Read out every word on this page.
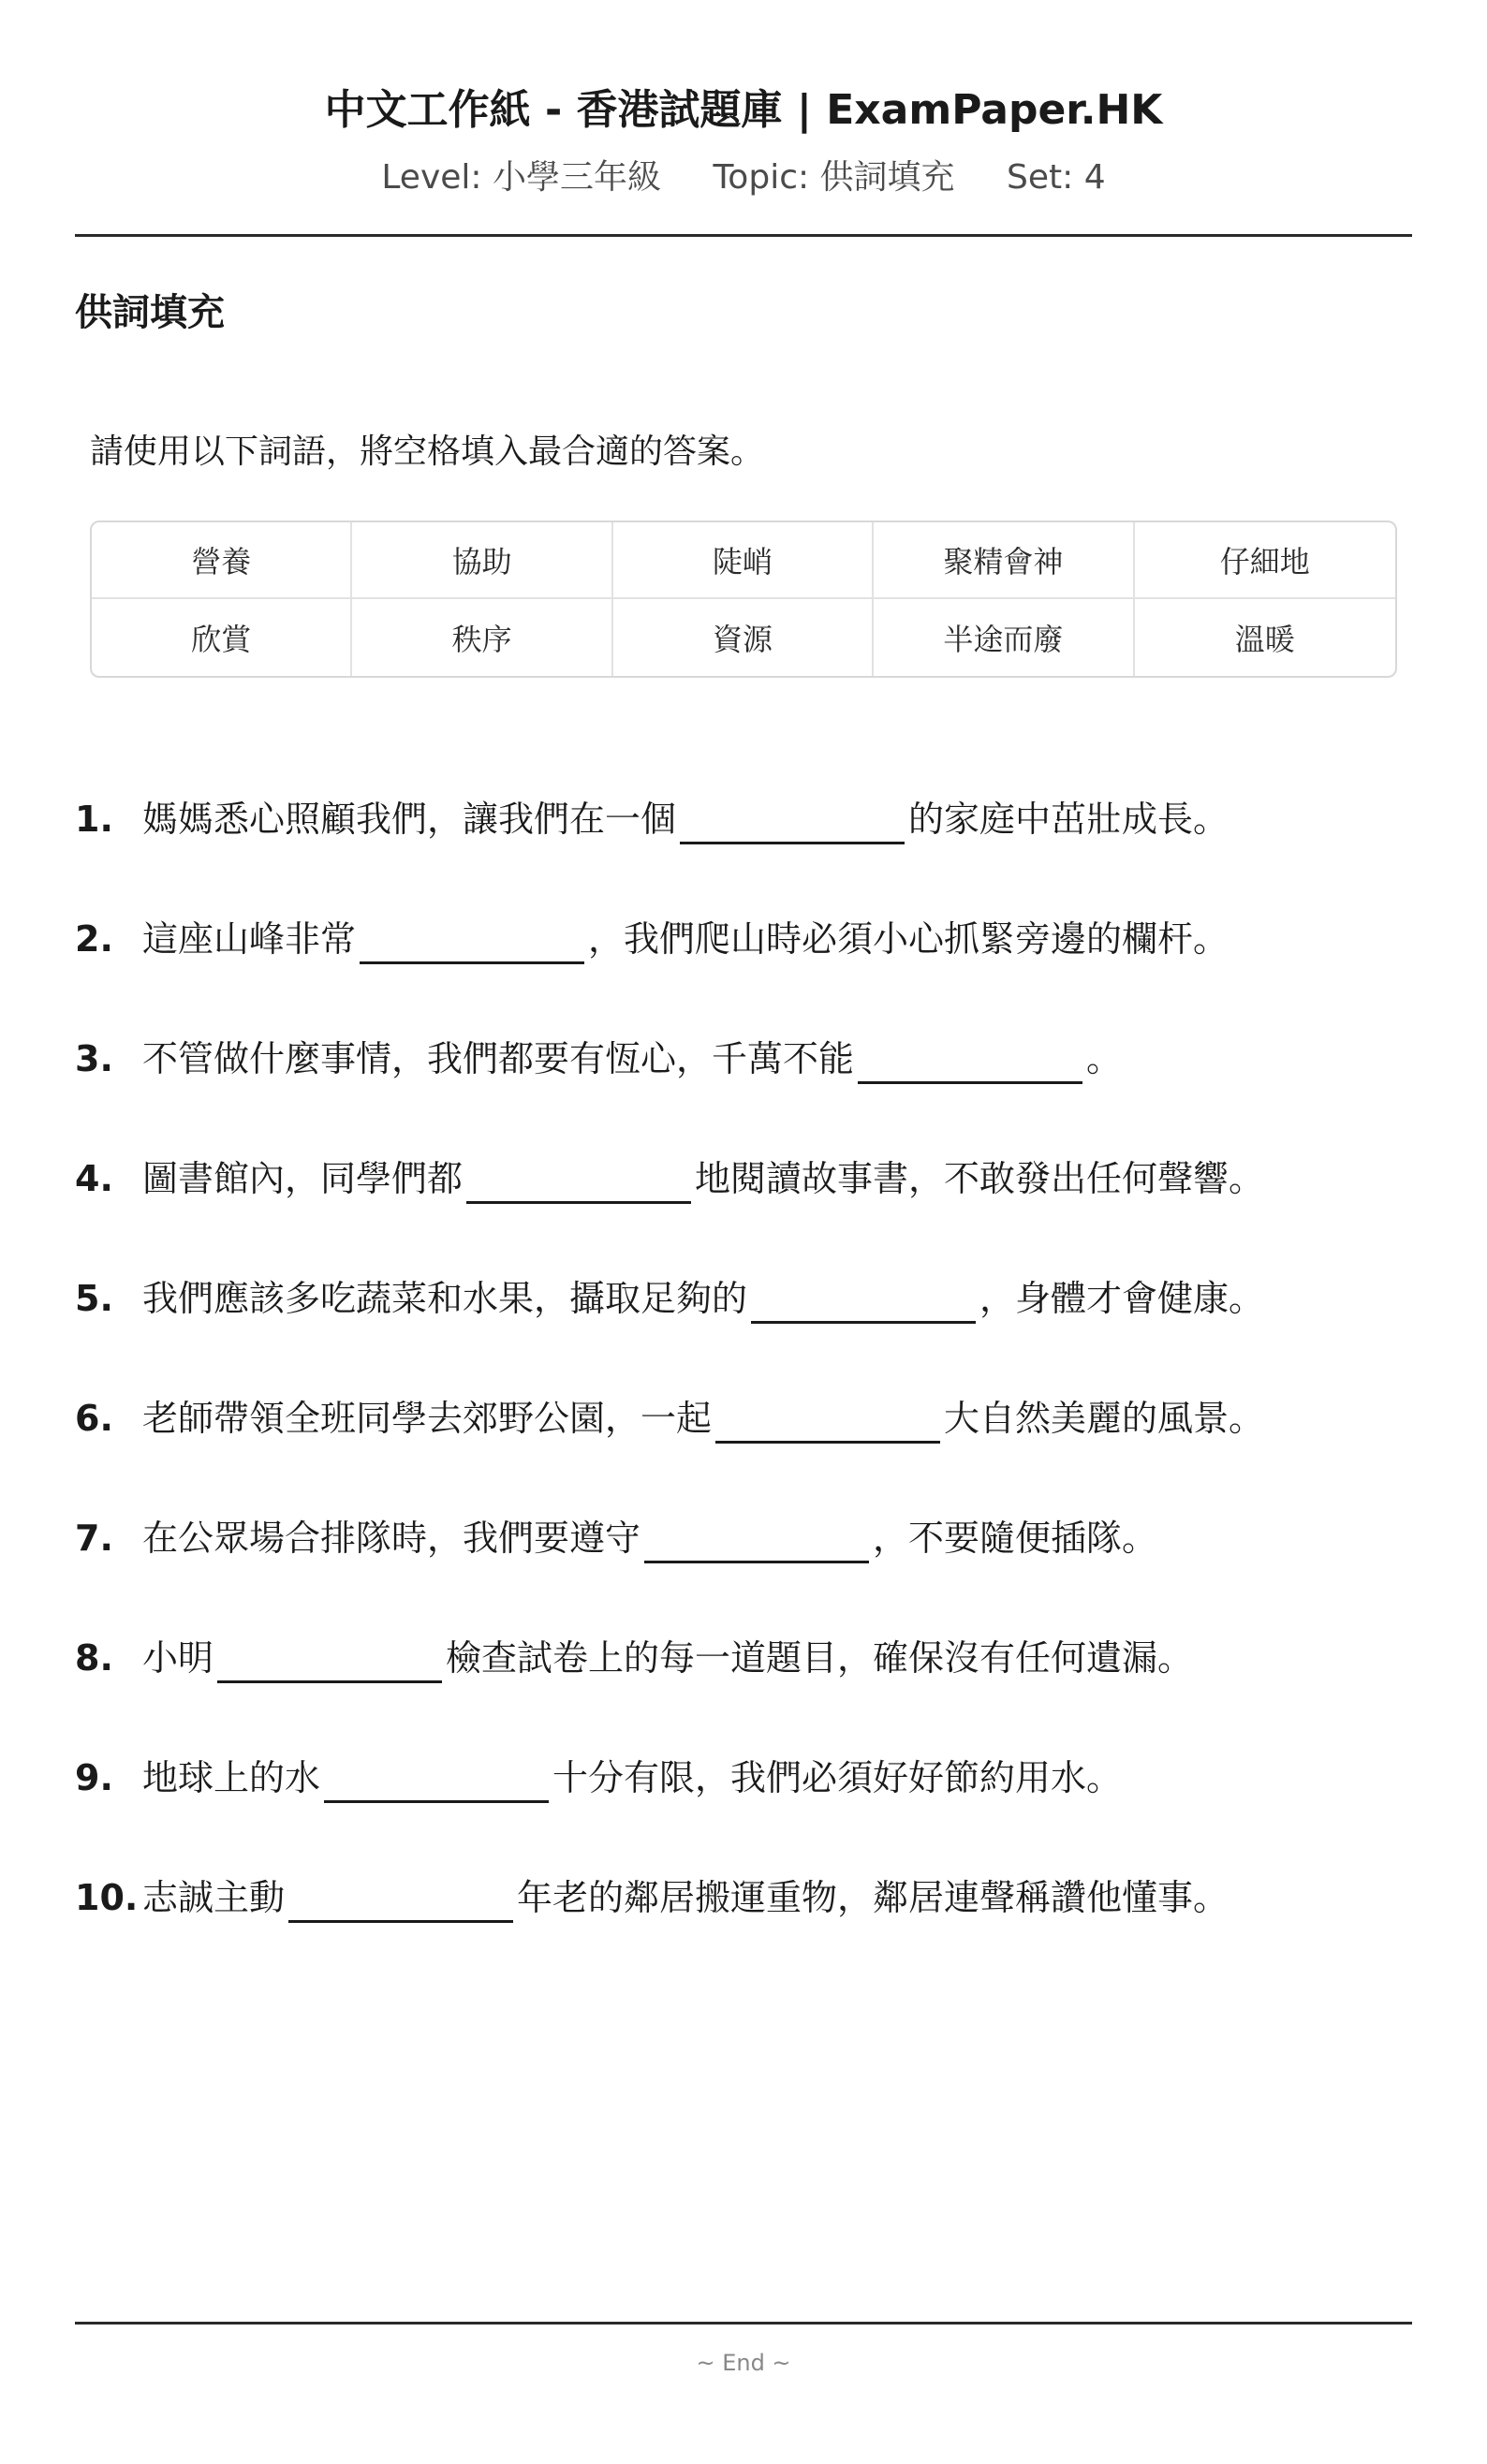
中文工作紙 - 香港試題庫 | ExamPaper.HK
Level: 小學三年級 Topic: 供詞填充 Set: 4
供詞填充
請使用以下詞語，將空格填入最合適的答案。
營養	協助	陡峭	聚精會神	仔細地
欣賞	秩序	資源	半途而廢	溫暖
1. 媽媽悉心照顧我們，讓我們在一個	的家庭中茁壯成長。
2. 這座山峰非常	，我們爬山時必須小心抓緊旁邊的欄杆。
3. 不管做什麼事情，我們都要有恆心，千萬不能	。
4. 圖書館內，同學們都	地閱讀故事書，不敢發出任何聲響。
5. 我們應該多吃蔬菜和水果，攝取足夠的	，身體才會健康。
6. 老師帶領全班同學去郊野公園，一起	大自然美麗的風景。
7. 在公眾場合排隊時，我們要遵守	，不要隨便插隊。
8. 小明	檢查試卷上的每一道題目，確保沒有任何遺漏。
9. 地球上的水	十分有限，我們必須好好節約用水。
10. 志誠主動	年老的鄰居搬運重物，鄰居連聲稱讚他懂事。
~ End ~
